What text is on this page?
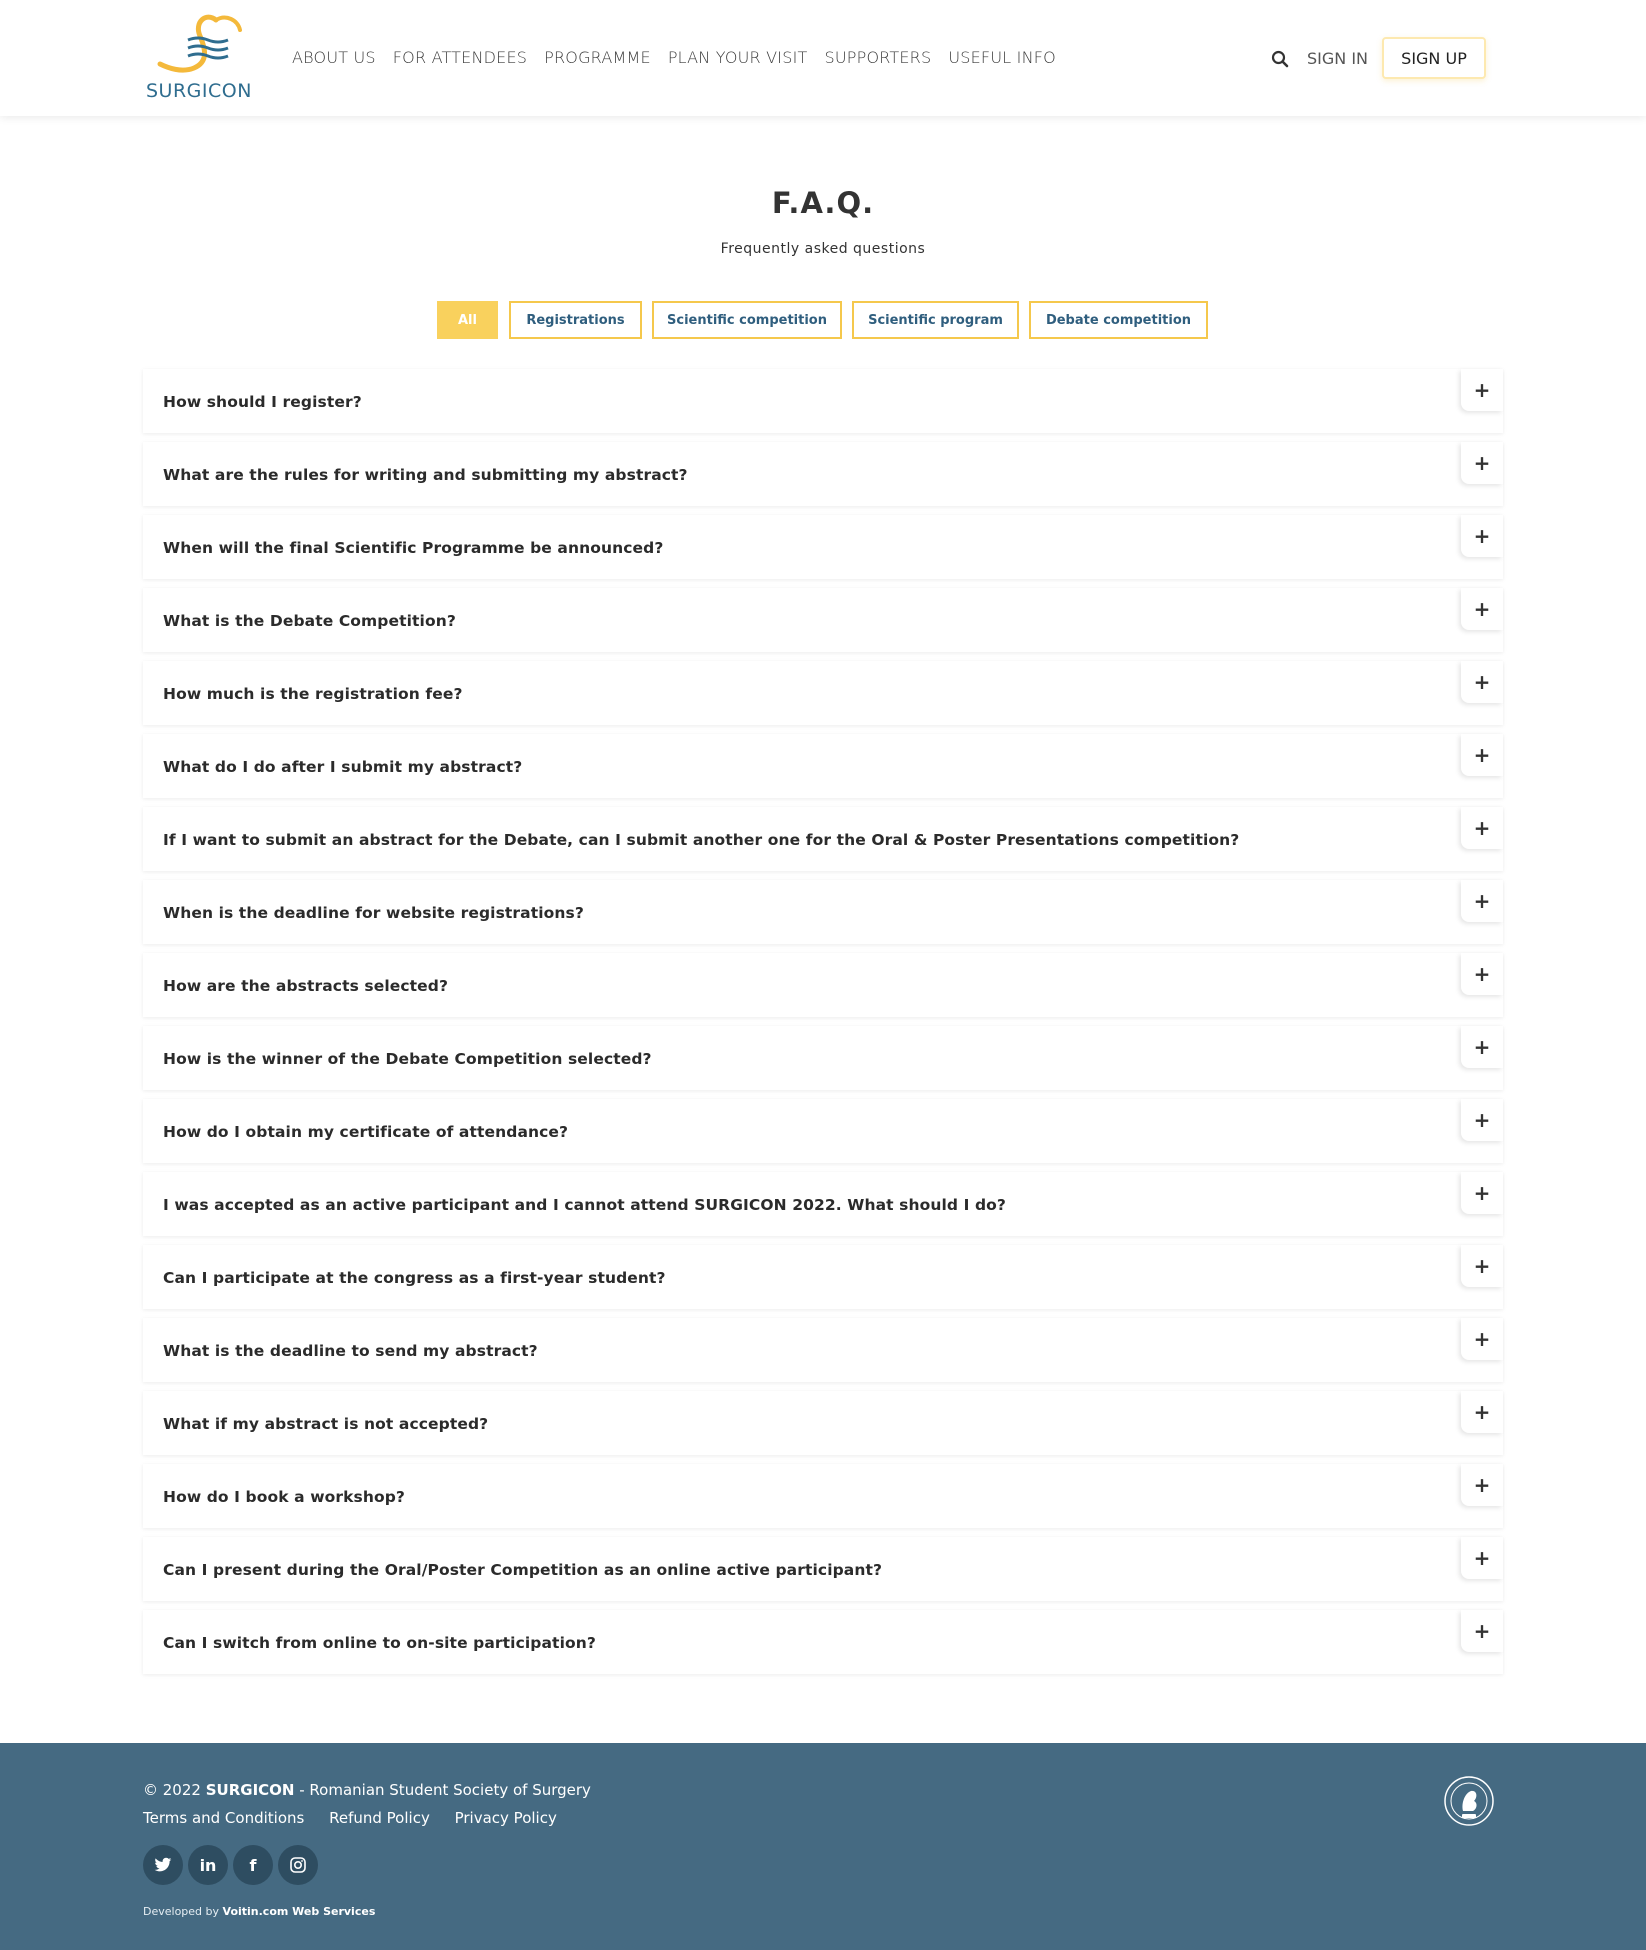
SURGICON
ABOUT US FOR ATTENDEES PROGRAMME PLAN YOUR VISIT SUPPORTERS USEFUL INFO	SIGN IN	SIGN UP
F.A.Q.
Frequently asked questions
All	Registrations	Scientific competition	Scientific program	Debate competition
How should I register?	+
What are the rules for writing and submitting my abstract?	+
When will the final Scientific Programme be announced?	+
What is the Debate Competition?	+
How much is the registration fee?	+
What do I do after I submit my abstract?	+
If I want to submit an abstract for the Debate, can I submit another one for the Oral & Poster Presentations competition?	+
When is the deadline for website registrations?	+
How are the abstracts selected?	+
How is the winner of the Debate Competition selected?	+
How do I obtain my certificate of attendance?	+
I was accepted as an active participant and I cannot attend SURGICON 2022. What should I do?	+
Can I participate at the congress as a first-year student?	+
What is the deadline to send my abstract?	+
What if my abstract is not accepted?	+
How do I book a workshop?	+
Can I present during the Oral/Poster Competition as an online active participant?	+
Can I switch from online to on-site participation?	+
© 2022 SURGICON - Romanian Student Society of Surgery
Terms and Conditions Refund Policy Privacy Policy
in f
Developed by Voitin.com Web Services
